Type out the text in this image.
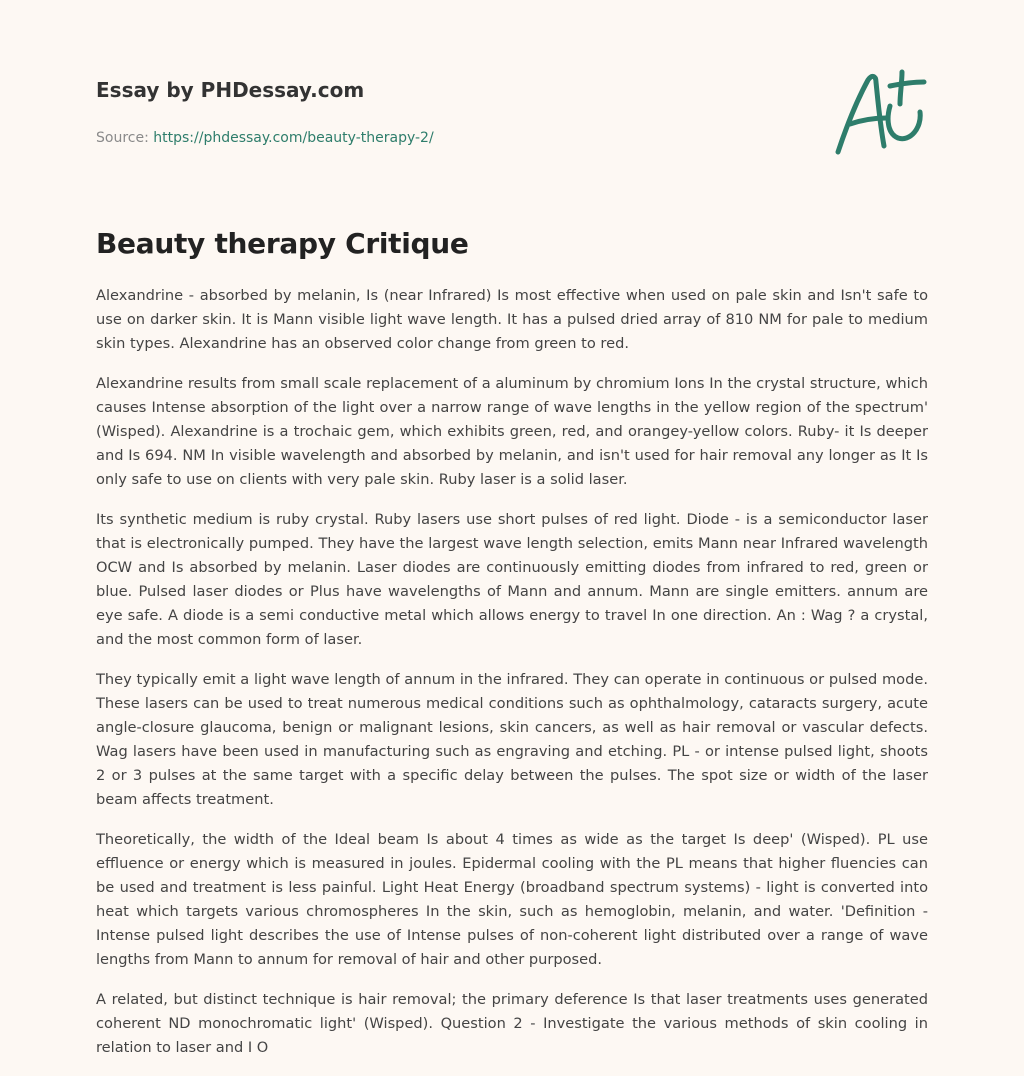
Essay by PHDessay.com
Source: https://phdessay.com/beauty-therapy-2/
Beauty therapy Critique

Alexandrine - absorbed by melanin, Is (near Infrared) Is most effective when used on pale skin and Isn't safe to use on darker skin. It is Mann visible light wave length. It has a pulsed dried array of 810 NM for pale to medium skin types. Alexandrine has an observed color change from green to red.

Alexandrine results from small scale replacement of a aluminum by chromium Ions In the crystal structure, which causes Intense absorption of the light over a narrow range of wave lengths in the yellow region of the spectrum' (Wisped). Alexandrine is a trochaic gem, which exhibits green, red, and orangey-yellow colors. Ruby- it Is deeper and Is 694. NM In visible wavelength and absorbed by melanin, and isn't used for hair removal any longer as It Is only safe to use on clients with very pale skin. Ruby laser is a solid laser.

Its synthetic medium is ruby crystal. Ruby lasers use short pulses of red light. Diode - is a semiconductor laser that is electronically pumped. They have the largest wave length selection, emits Mann near Infrared wavelength OCW and Is absorbed by melanin. Laser diodes are continuously emitting diodes from infrared to red, green or blue. Pulsed laser diodes or Plus have wavelengths of Mann and annum. Mann are single emitters. annum are eye safe. A diode is a semi conductive metal which allows energy to travel In one direction. An : Wag ? a crystal, and the most common form of laser.

They typically emit a light wave length of annum in the infrared. They can operate in continuous or pulsed mode. These lasers can be used to treat numerous medical conditions such as ophthalmology, cataracts surgery, acute angle-closure glaucoma, benign or malignant lesions, skin cancers, as well as hair removal or vascular defects. Wag lasers have been used in manufacturing such as engraving and etching. PL - or intense pulsed light, shoots 2 or 3 pulses at the same target with a specific delay between the pulses. The spot size or width of the laser beam affects treatment.

Theoretically, the width of the Ideal beam Is about 4 times as wide as the target Is deep' (Wisped). PL use effluence or energy which is measured in joules. Epidermal cooling with the PL means that higher fluencies can be used and treatment is less painful. Light Heat Energy (broadband spectrum systems) - light is converted into heat which targets various chromospheres In the skin, such as hemoglobin, melanin, and water. 'Definition - Intense pulsed light describes the use of Intense pulses of non-coherent light distributed over a range of wave lengths from Mann to annum for removal of hair and other purposed.

A related, but distinct technique is hair removal; the primary deference Is that laser treatments uses generated coherent ND monochromatic light' (Wisped). Question 2 - Investigate the various methods of skin cooling in relation to laser and I O
